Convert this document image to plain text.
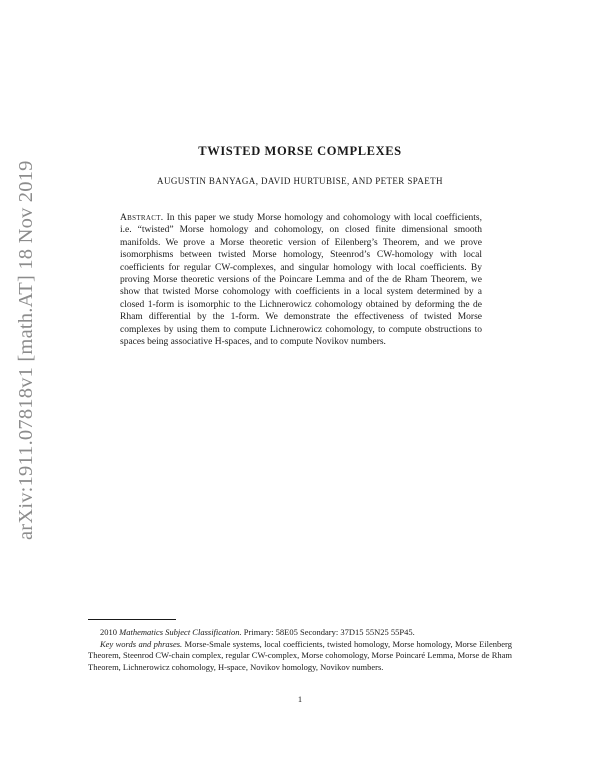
arXiv:1911.07818v1 [math.AT] 18 Nov 2019
TWISTED MORSE COMPLEXES
AUGUSTIN BANYAGA, DAVID HURTUBISE, AND PETER SPAETH

Abstract. In this paper we study Morse homology and cohomology with local coefficients, i.e. “twisted” Morse homology and cohomology, on closed finite dimensional smooth manifolds. We prove a Morse theoretic version of Eilenberg’s Theorem, and we prove isomorphisms between twisted Morse homology, Steenrod’s CW-homology with local coefficients for regular CW-complexes, and singular homology with local coefficients. By proving Morse theoretic versions of the Poincare Lemma and of the de Rham Theorem, we show that twisted Morse cohomology with coefficients in a local system determined by a closed 1-form is isomorphic to the Lichnerowicz cohomology obtained by deforming the de Rham differential by the 1-form. We demonstrate the effectiveness of twisted Morse complexes by using them to compute Lichnerowicz cohomology, to compute obstructions to spaces being associative H-spaces, and to compute Novikov numbers.

2010 Mathematics Subject Classification. Primary: 58E05 Secondary: 37D15 55N25 55P45.

Key words and phrases. Morse-Smale systems, local coefficients, twisted homology, Morse homology, Morse Eilenberg Theorem, Steenrod CW-chain complex, regular CW-complex, Morse cohomology, Morse Poincaré Lemma, Morse de Rham Theorem, Lichnerowicz cohomology, H-space, Novikov homology, Novikov numbers.

1
